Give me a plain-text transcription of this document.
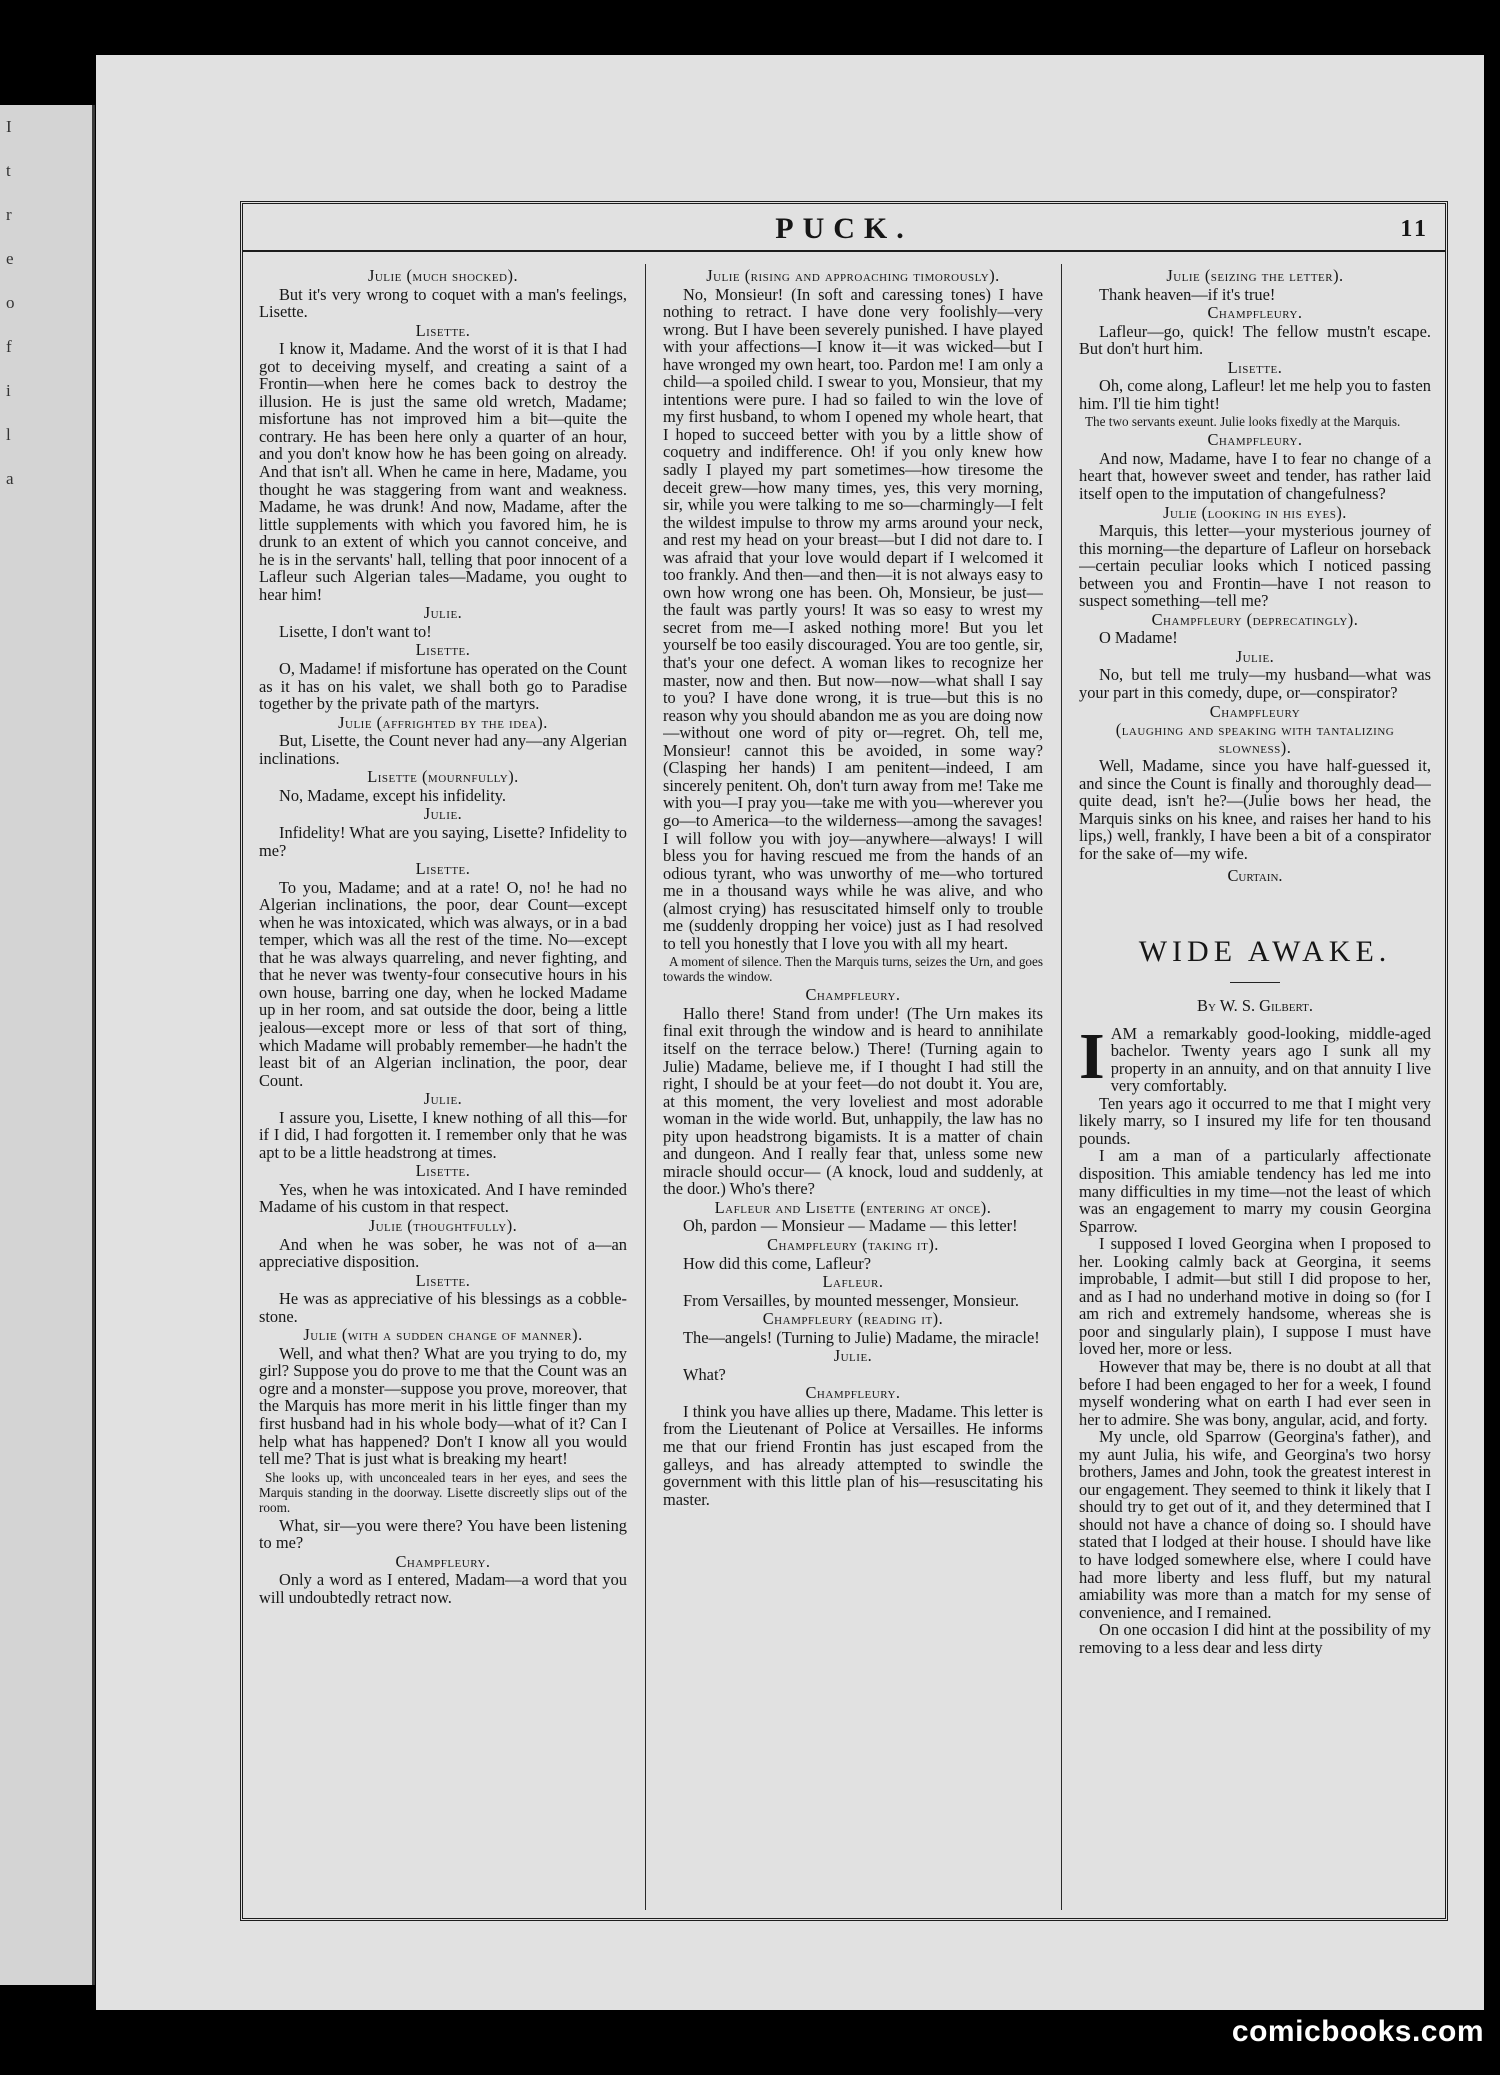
I
t
r
e
o
f
i
l
a
PUCK.	11

Julie (much shocked).

But it's very wrong to coquet with a man's feelings, Lisette.

Lisette.

I know it, Madame. And the worst of it is that I had got to deceiving myself, and creating a saint of a Frontin—when here he comes back to destroy the illusion. He is just the same old wretch, Madame; misfortune has not improved him a bit—quite the contrary. He has been here only a quarter of an hour, and you don't know how he has been going on already. And that isn't all. When he came in here, Madame, you thought he was staggering from want and weakness. Madame, he was drunk! And now, Madame, after the little supplements with which you favored him, he is drunk to an extent of which you cannot conceive, and he is in the servants' hall, telling that poor innocent of a Lafleur such Algerian tales—Madame, you ought to hear him!

Julie.

Lisette, I don't want to!

Lisette.

O, Madame! if misfortune has operated on the Count as it has on his valet, we shall both go to Paradise together by the private path of the martyrs.

Julie (affrighted by the idea).

But, Lisette, the Count never had any—any Algerian inclinations.

Lisette (mournfully).

No, Madame, except his infidelity.

Julie.

Infidelity! What are you saying, Lisette? Infidelity to me?

Lisette.

To you, Madame; and at a rate! O, no! he had no Algerian inclinations, the poor, dear Count—except when he was intoxicated, which was always, or in a bad temper, which was all the rest of the time. No—except that he was always quarreling, and never fighting, and that he never was twenty-four consecutive hours in his own house, barring one day, when he locked Madame up in her room, and sat outside the door, being a little jealous—except more or less of that sort of thing, which Madame will probably remember—he hadn't the least bit of an Algerian inclination, the poor, dear Count.

Julie.

I assure you, Lisette, I knew nothing of all this—for if I did, I had forgotten it. I remember only that he was apt to be a little headstrong at times.

Lisette.

Yes, when he was intoxicated. And I have reminded Madame of his custom in that respect.

Julie (thoughtfully).

And when he was sober, he was not of a—an appreciative disposition.

Lisette.

He was as appreciative of his blessings as a cobble-stone.

Julie (with a sudden change of manner).

Well, and what then? What are you trying to do, my girl? Suppose you do prove to me that the Count was an ogre and a monster—suppose you prove, moreover, that the Marquis has more merit in his little finger than my first husband had in his whole body—what of it? Can I help what has happened? Don't I know all you would tell me? That is just what is breaking my heart!

She looks up, with unconcealed tears in her eyes, and sees the Marquis standing in the doorway. Lisette discreetly slips out of the room.

What, sir—you were there? You have been listening to me?

Champfleury.

Only a word as I entered, Madam—a word that you will undoubtedly retract now.

Julie (rising and approaching timorously).

No, Monsieur! (In soft and caressing tones) I have nothing to retract. I have done very foolishly—very wrong. But I have been severely punished. I have played with your affections—I know it—it was wicked—but I have wronged my own heart, too. Pardon me! I am only a child—a spoiled child. I swear to you, Monsieur, that my intentions were pure. I had so failed to win the love of my first husband, to whom I opened my whole heart, that I hoped to succeed better with you by a little show of coquetry and indifference. Oh! if you only knew how sadly I played my part sometimes—how tiresome the deceit grew—how many times, yes, this very morning, sir, while you were talking to me so—charmingly—I felt the wildest impulse to throw my arms around your neck, and rest my head on your breast—but I did not dare to. I was afraid that your love would depart if I welcomed it too frankly. And then—and then—it is not always easy to own how wrong one has been. Oh, Monsieur, be just—the fault was partly yours! It was so easy to wrest my secret from me—I asked nothing more! But you let yourself be too easily discouraged. You are too gentle, sir, that's your one defect. A woman likes to recognize her master, now and then. But now—now—what shall I say to you? I have done wrong, it is true—but this is no reason why you should abandon me as you are doing now—without one word of pity or—regret. Oh, tell me, Monsieur! cannot this be avoided, in some way? (Clasping her hands) I am penitent—indeed, I am sincerely penitent. Oh, don't turn away from me! Take me with you—I pray you—take me with you—wherever you go—to America—to the wilderness—among the savages! I will follow you with joy—anywhere—always! I will bless you for having rescued me from the hands of an odious tyrant, who was unworthy of me—who tortured me in a thousand ways while he was alive, and who (almost crying) has resuscitated himself only to trouble me (suddenly dropping her voice) just as I had resolved to tell you honestly that I love you with all my heart.

A moment of silence. Then the Marquis turns, seizes the Urn, and goes towards the window.

Champfleury.

Hallo there! Stand from under! (The Urn makes its final exit through the window and is heard to annihilate itself on the terrace below.) There! (Turning again to Julie) Madame, believe me, if I thought I had still the right, I should be at your feet—do not doubt it. You are, at this moment, the very loveliest and most adorable woman in the wide world. But, unhappily, the law has no pity upon headstrong bigamists. It is a matter of chain and dungeon. And I really fear that, unless some new miracle should occur— (A knock, loud and suddenly, at the door.) Who's there?

Lafleur and Lisette (entering at once).

Oh, pardon — Monsieur — Madame — this letter!

Champfleury (taking it).

How did this come, Lafleur?

Lafleur.

From Versailles, by mounted messenger, Monsieur.

Champfleury (reading it).

The—angels! (Turning to Julie) Madame, the miracle!

Julie.

What?

Champfleury.

I think you have allies up there, Madame. This letter is from the Lieutenant of Police at Versailles. He informs me that our friend Frontin has just escaped from the galleys, and has already attempted to swindle the government with this little plan of his—resuscitating his master.

Julie (seizing the letter).

Thank heaven—if it's true!

Champfleury.

Lafleur—go, quick! The fellow mustn't escape. But don't hurt him.

Lisette.

Oh, come along, Lafleur! let me help you to fasten him. I'll tie him tight!

The two servants exeunt. Julie looks fixedly at the Marquis.

Champfleury.

And now, Madame, have I to fear no change of a heart that, however sweet and tender, has rather laid itself open to the imputation of changefulness?

Julie (looking in his eyes).

Marquis, this letter—your mysterious journey of this morning—the departure of Lafleur on horseback—certain peculiar looks which I noticed passing between you and Frontin—have I not reason to suspect something—tell me?

Champfleury (deprecatingly).

O Madame!

Julie.

No, but tell me truly—my husband—what was your part in this comedy, dupe, or—conspirator?

Champfleury

(laughing and speaking with tantalizing slowness).

Well, Madame, since you have half-guessed it, and since the Count is finally and thoroughly dead—quite dead, isn't he?—(Julie bows her head, the Marquis sinks on his knee, and raises her hand to his lips,) well, frankly, I have been a bit of a conspirator for the sake of—my wife.

Curtain.

WIDE AWAKE.

By W. S. Gilbert.

IAM a remarkably good-looking, middle-aged bachelor. Twenty years ago I sunk all my property in an annuity, and on that annuity I live very comfortably.

Ten years ago it occurred to me that I might very likely marry, so I insured my life for ten thousand pounds.

I am a man of a particularly affectionate disposition. This amiable tendency has led me into many difficulties in my time—not the least of which was an engagement to marry my cousin Georgina Sparrow.

I supposed I loved Georgina when I proposed to her. Looking calmly back at Georgina, it seems improbable, I admit—but still I did propose to her, and as I had no underhand motive in doing so (for I am rich and extremely handsome, whereas she is poor and singularly plain), I suppose I must have loved her, more or less.

However that may be, there is no doubt at all that before I had been engaged to her for a week, I found myself wondering what on earth I had ever seen in her to admire. She was bony, angular, acid, and forty.

My uncle, old Sparrow (Georgina's father), and my aunt Julia, his wife, and Georgina's two horsy brothers, James and John, took the greatest interest in our engagement. They seemed to think it likely that I should try to get out of it, and they determined that I should not have a chance of doing so. I should have stated that I lodged at their house. I should have like to have lodged somewhere else, where I could have had more liberty and less fluff, but my natural amiability was more than a match for my sense of convenience, and I remained.

On one occasion I did hint at the possibility of my removing to a less dear and less dirty

comicbooks.com
